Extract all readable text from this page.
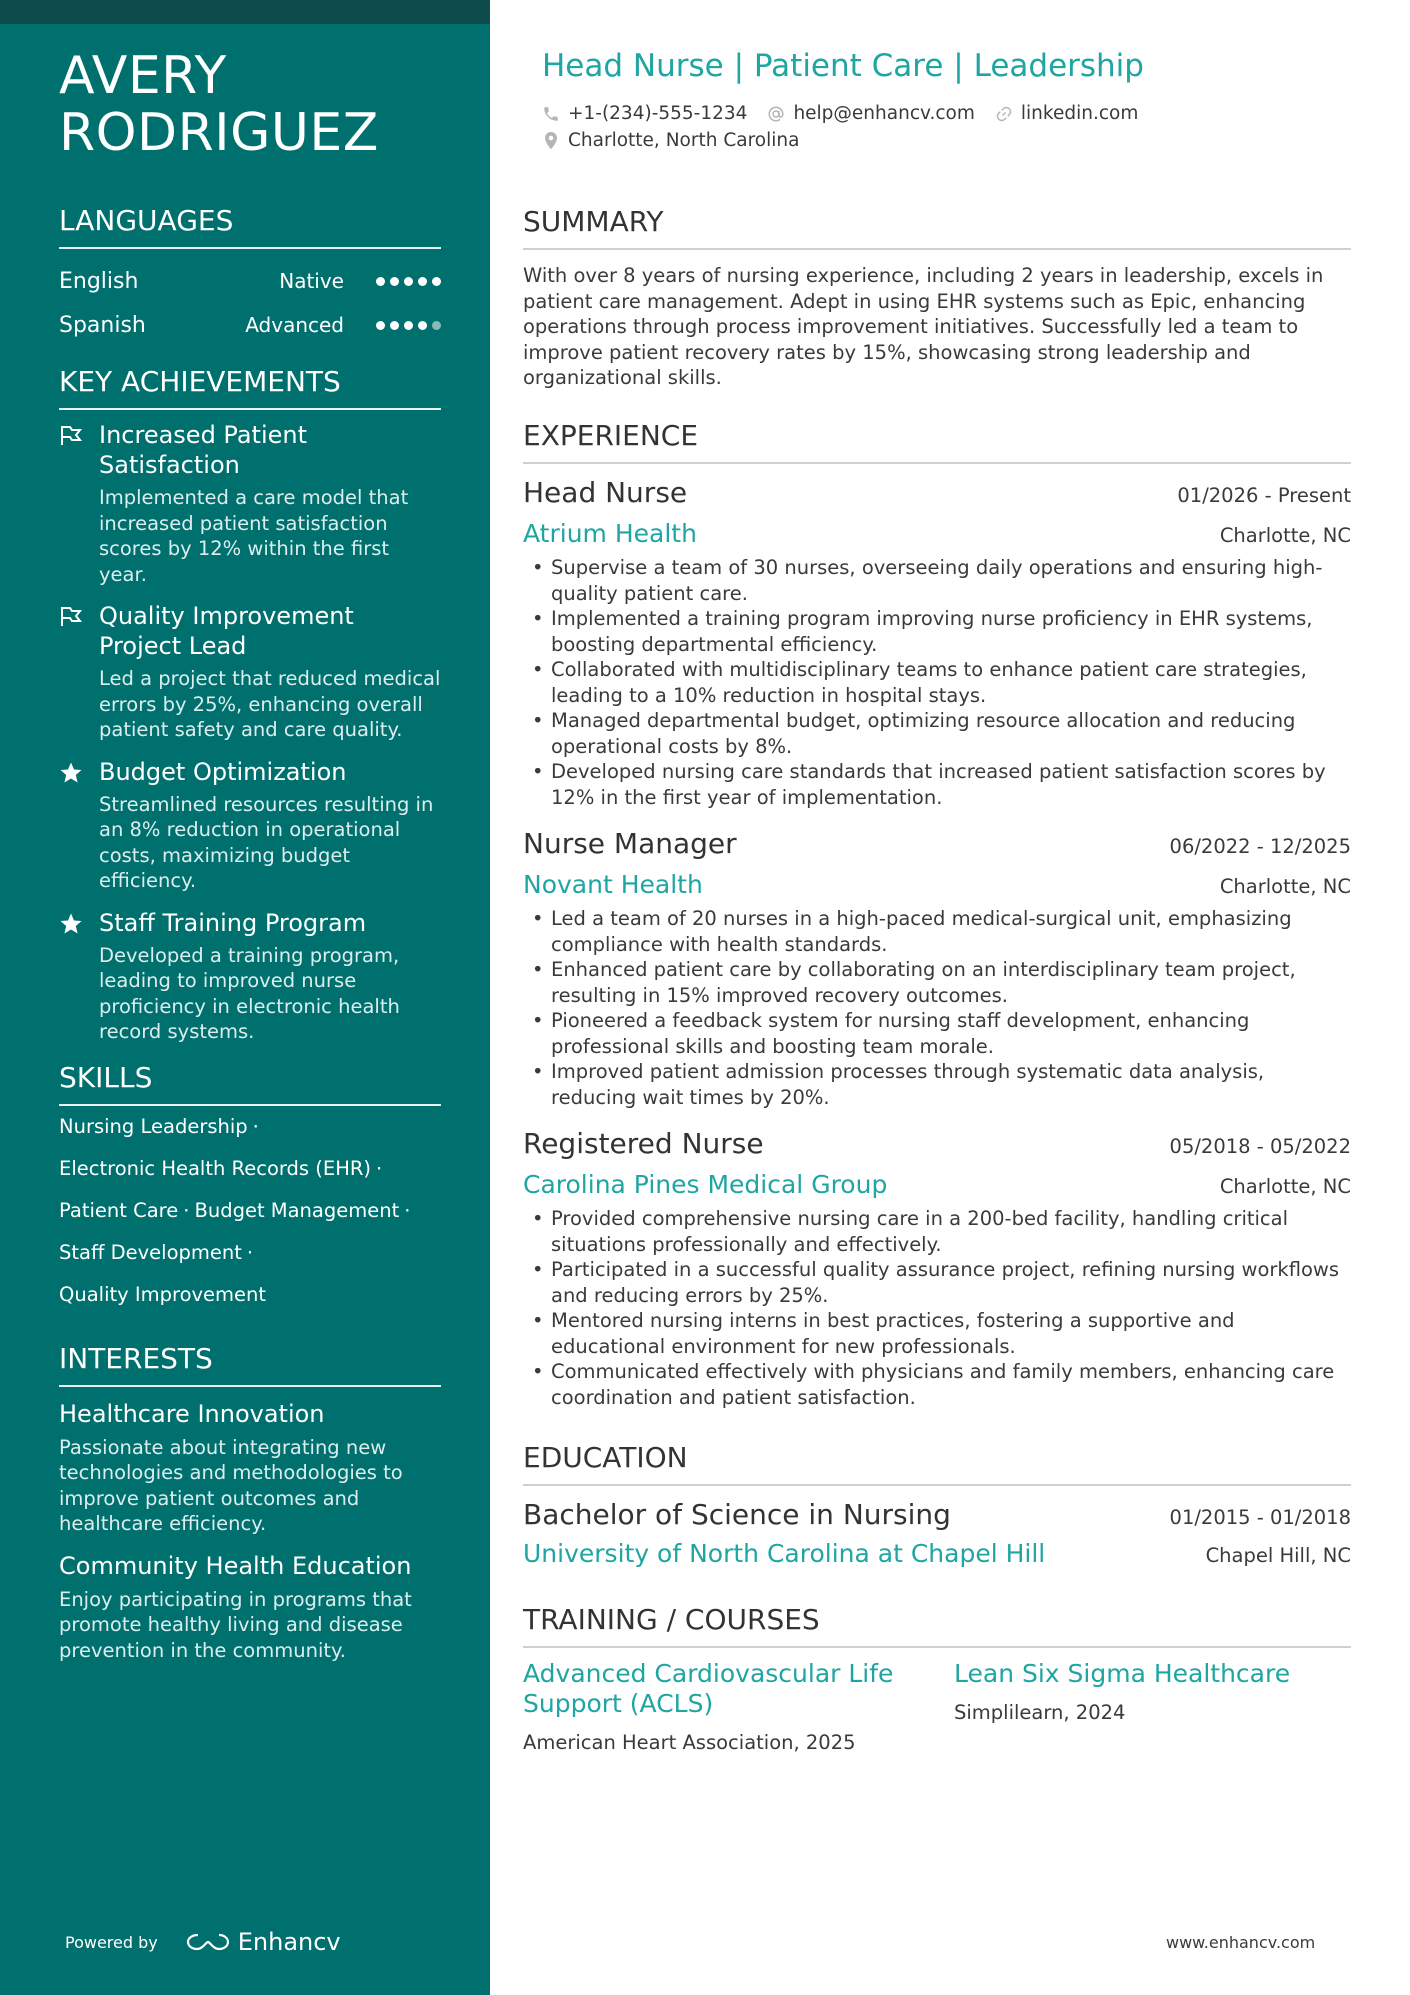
AVERY
RODRIGUEZ
LANGUAGES
English	Native
Spanish	Advanced
KEY ACHIEVEMENTS
Increased Patient Satisfaction
Implemented a care model that increased patient satisfaction scores by 12% within the first year.
Quality Improvement Project Lead
Led a project that reduced medical errors by 25%, enhancing overall patient safety and care quality.
Budget Optimization
Streamlined resources resulting in an 8% reduction in operational costs, maximizing budget efficiency.
Staff Training Program
Developed a training program, leading to improved nurse proficiency in electronic health record systems.
SKILLS
Nursing Leadership ·
Electronic Health Records (EHR) ·
Patient Care · Budget Management ·
Staff Development ·
Quality Improvement
INTERESTS
Healthcare Innovation
Passionate about integrating new technologies and methodologies to improve patient outcomes and healthcare efficiency.
Community Health Education
Enjoy participating in programs that promote healthy living and disease prevention in the community.
Powered by	Enhancv
Head Nurse | Patient Care | Leadership
+1-(234)-555-1234 help@enhancv.com linkedin.com
Charlotte, North Carolina
SUMMARY

With over 8 years of nursing experience, including 2 years in leadership, excels in patient care management. Adept in using EHR systems such as Epic, enhancing operations through process improvement initiatives. Successfully led a team to improve patient recovery rates by 15%, showcasing strong leadership and organizational skills.

EXPERIENCE
Head Nurse	01/2026 - Present
Atrium Health	Charlotte, NC
• Supervise a team of 30 nurses, overseeing daily operations and ensuring high-quality patient care.
• Implemented a training program improving nurse proficiency in EHR systems, boosting departmental efficiency.
• Collaborated with multidisciplinary teams to enhance patient care strategies, leading to a 10% reduction in hospital stays.
• Managed departmental budget, optimizing resource allocation and reducing operational costs by 8%.
• Developed nursing care standards that increased patient satisfaction scores by 12% in the first year of implementation.
Nurse Manager	06/2022 - 12/2025
Novant Health	Charlotte, NC
• Led a team of 20 nurses in a high-paced medical-surgical unit, emphasizing compliance with health standards.
• Enhanced patient care by collaborating on an interdisciplinary team project, resulting in 15% improved recovery outcomes.
• Pioneered a feedback system for nursing staff development, enhancing professional skills and boosting team morale.
• Improved patient admission processes through systematic data analysis, reducing wait times by 20%.
Registered Nurse	05/2018 - 05/2022
Carolina Pines Medical Group	Charlotte, NC
• Provided comprehensive nursing care in a 200-bed facility, handling critical situations professionally and effectively.
• Participated in a successful quality assurance project, refining nursing workflows and reducing errors by 25%.
• Mentored nursing interns in best practices, fostering a supportive and educational environment for new professionals.
• Communicated effectively with physicians and family members, enhancing care coordination and patient satisfaction.
EDUCATION
Bachelor of Science in Nursing	01/2015 - 01/2018
University of North Carolina at Chapel Hill	Chapel Hill, NC
TRAINING / COURSES
Advanced Cardiovascular Life Support (ACLS)
American Heart Association, 2025
Lean Six Sigma Healthcare
Simplilearn, 2024
www.enhancv.com
